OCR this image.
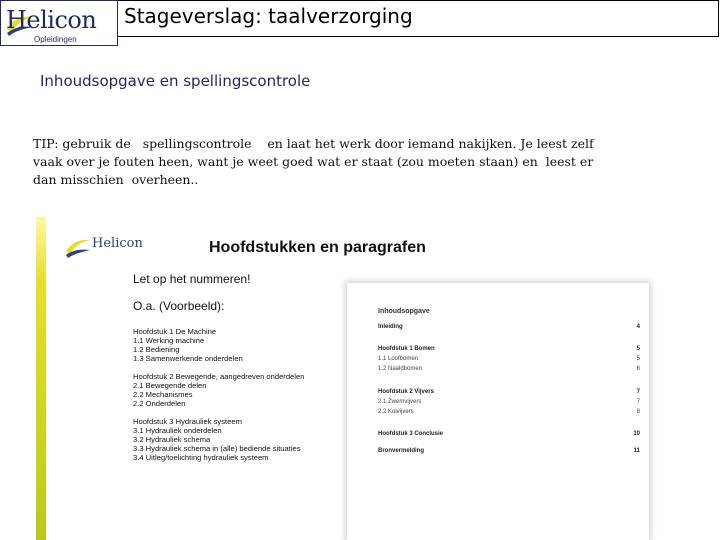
Helicon
Opleidingen
Stageverslag: taalverzorging
Inhoudsopgave en spellingscontrole
TIP: gebruik de   spellingscontrole    en laat het werk door iemand nakijken. Je leest zelf
vaak over je fouten heen, want je weet goed wat er staat (zou moeten staan) en  leest er
dan misschien  overheen..
Helicon	Hoofdstukken en paragrafen
Let op het nummeren!
O.a. (Voorbeeld):
Hoofdstuk 1 De Machine
1.1 Werking machine
1.2 Bediening
1.3 Samenwerkende onderdelen
Hoofdstuk 2 Bewegende, aangedreven onderdelen
2.1 Bewegende delen
2.2 Mechanismes
2.2 Onderdelen
Hoofdstuk 3 Hydrauliek systeem
3.1 Hydrauliek onderdelen
3.2 Hydrauliek schema
3.3 Hydrauliek schema in (alle) bediende situaties
3.4 Uitleg/toelichting hydrauliek systeem
Inhoudsopgave
Inleiding	4
Hoofdstuk 1 Bomen	5
1.1 Loofbomen	5
1.2 Naaldbomen	6
Hoofdstuk 2 Vijvers	7
2.1 Zwemvijvers	7
2.2 Koivijvers	8
Hoofdstuk 3 Conclusie	10
Bronvermelding	11
